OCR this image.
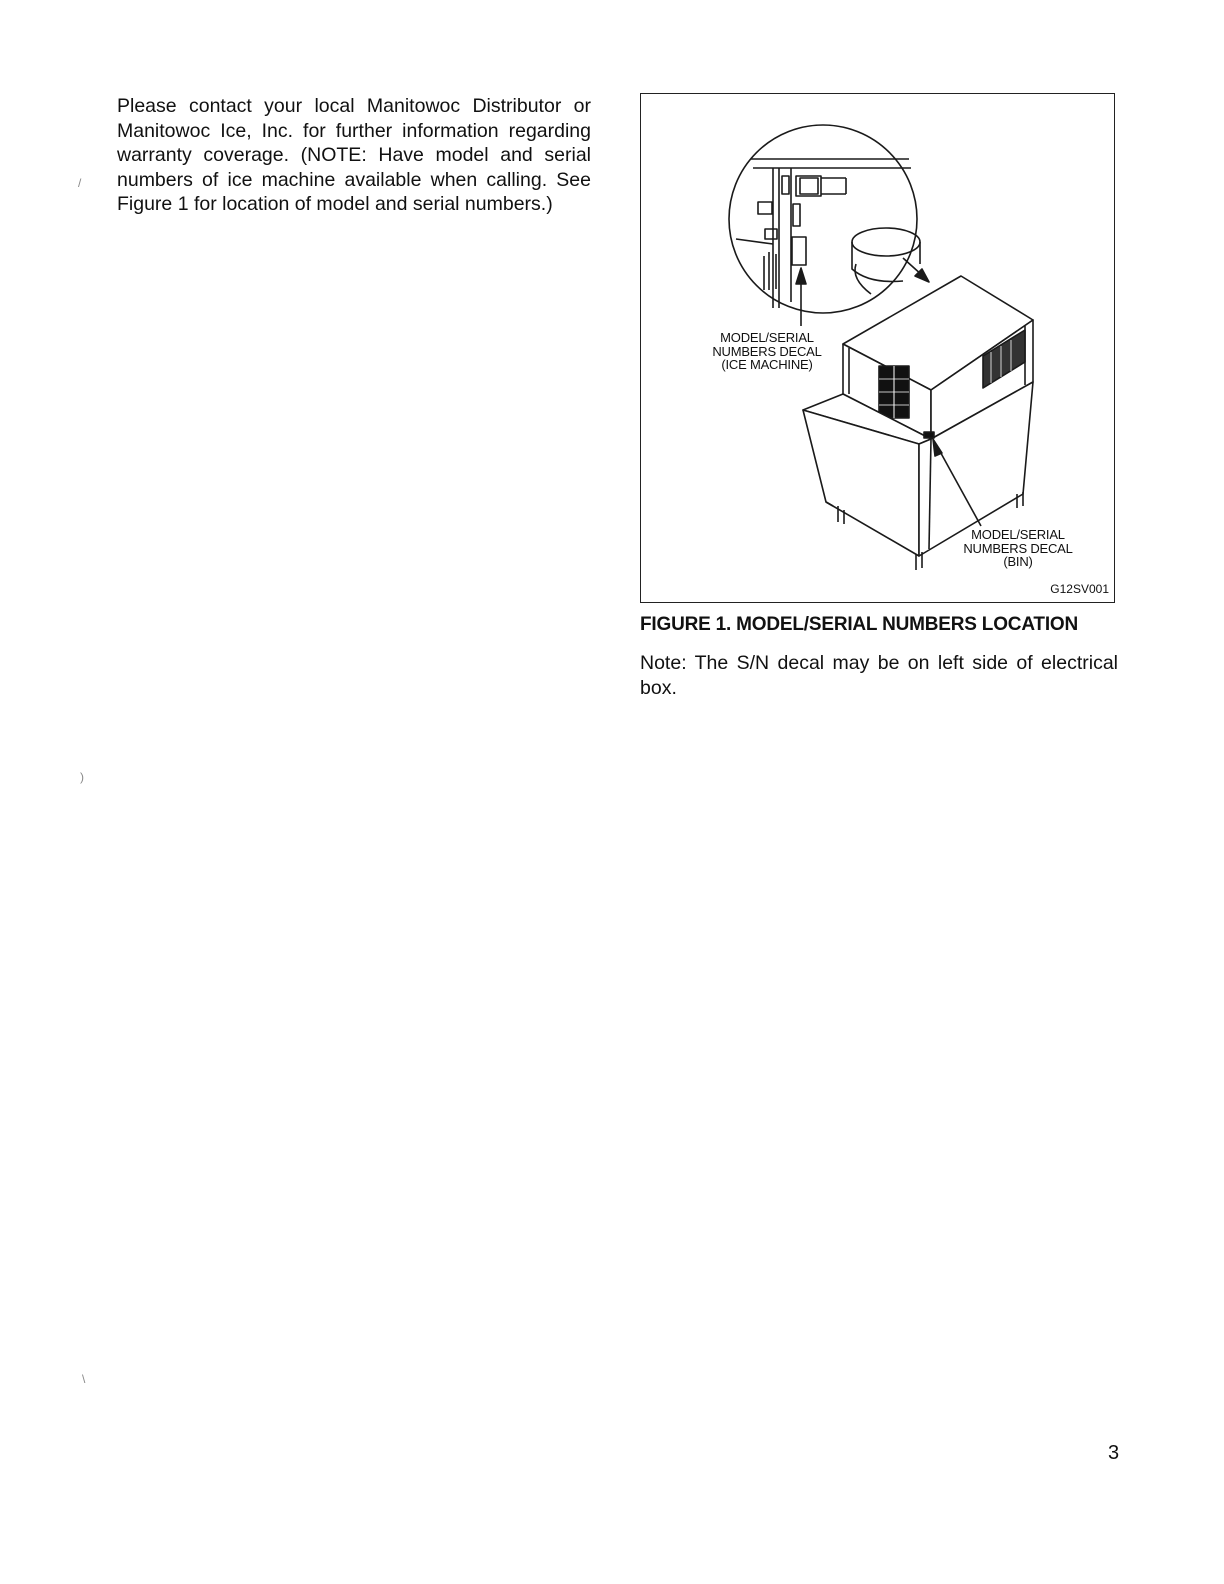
Please contact your local Manitowoc Distributor or Manitowoc Ice, Inc. for further information regarding warranty coverage. (NOTE: Have model and serial numbers of ice machine available when calling. See Figure 1 for location of model and serial numbers.)

MODEL/SERIAL
NUMBERS DECAL
(ICE MACHINE)
MODEL/SERIAL
NUMBERS DECAL
(BIN)
G12SV001
FIGURE 1. MODEL/SERIAL NUMBERS LOCATION

Note: The S/N decal may be on left side of electrical box.

3
/
)
\
